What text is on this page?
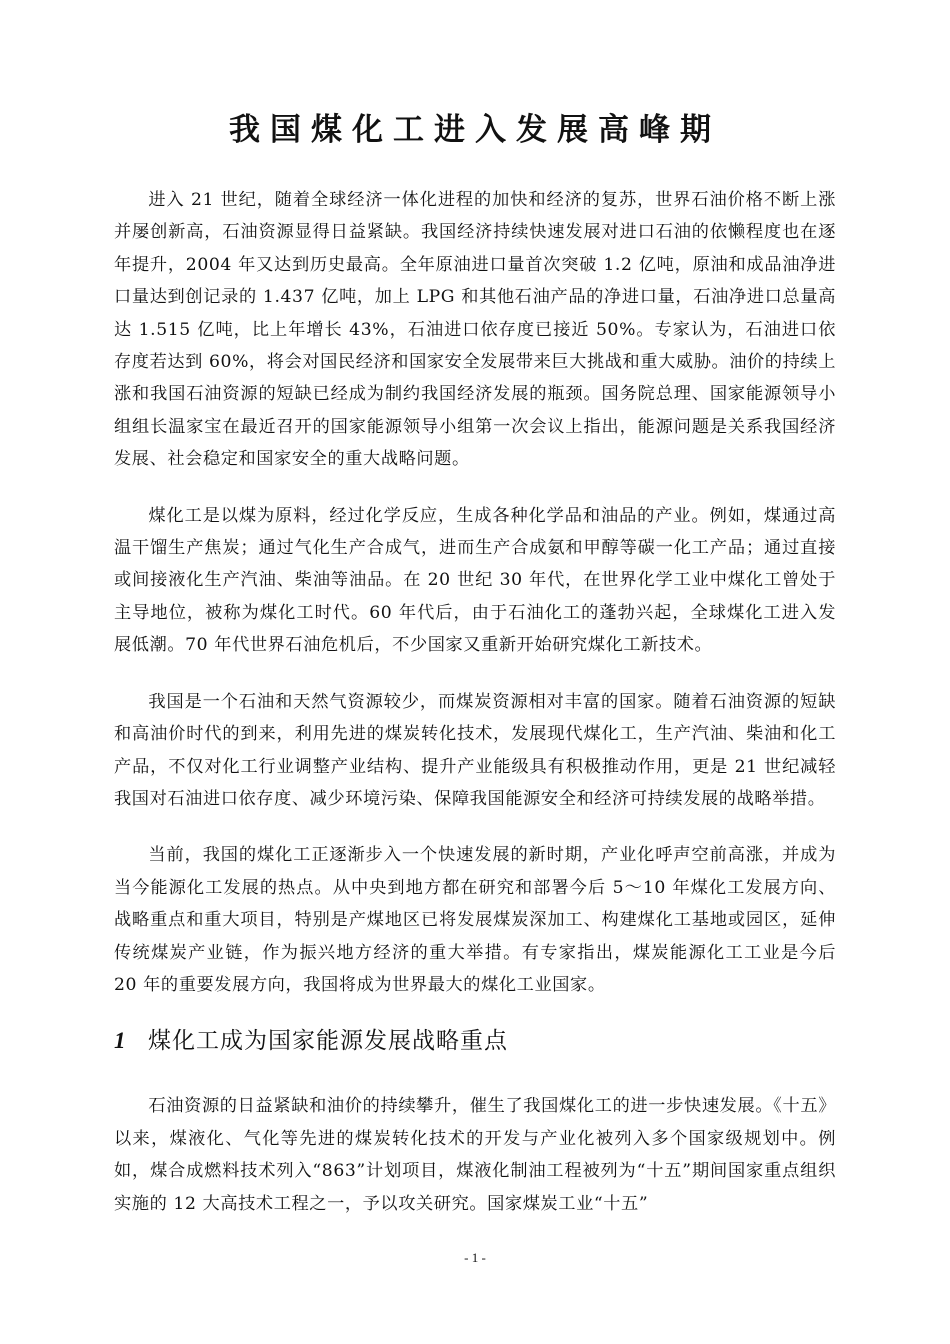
我国煤化工进入发展高峰期

进入 21 世纪，随着全球经济一体化进程的加快和经济的复苏，世界石油价格不断上涨并屡创新高，石油资源显得日益紧缺。我国经济持续快速发展对进口石油的依懒程度也在逐年提升，2004 年又达到历史最高。全年原油进口量首次突破 1.2 亿吨，原油和成品油净进口量达到创记录的 1.437 亿吨，加上 LPG 和其他石油产品的净进口量，石油净进口总量高达 1.515 亿吨，比上年增长 43%，石油进口依存度已接近 50%。专家认为，石油进口依存度若达到 60%，将会对国民经济和国家安全发展带来巨大挑战和重大威胁。油价的持续上涨和我国石油资源的短缺已经成为制约我国经济发展的瓶颈。国务院总理、国家能源领导小组组长温家宝在最近召开的国家能源领导小组第一次会议上指出，能源问题是关系我国经济发展、社会稳定和国家安全的重大战略问题。

煤化工是以煤为原料，经过化学反应，生成各种化学品和油品的产业。例如，煤通过高温干馏生产焦炭；通过气化生产合成气，进而生产合成氨和甲醇等碳一化工产品；通过直接或间接液化生产汽油、柴油等油品。在 20 世纪 30 年代，在世界化学工业中煤化工曾处于主导地位，被称为煤化工时代。60 年代后，由于石油化工的蓬勃兴起，全球煤化工进入发展低潮。70 年代世界石油危机后，不少国家又重新开始研究煤化工新技术。

我国是一个石油和天然气资源较少，而煤炭资源相对丰富的国家。随着石油资源的短缺和高油价时代的到来，利用先进的煤炭转化技术，发展现代煤化工，生产汽油、柴油和化工产品，不仅对化工行业调整产业结构、提升产业能级具有积极推动作用，更是 21 世纪减轻我国对石油进口依存度、减少环境污染、保障我国能源安全和经济可持续发展的战略举措。

当前，我国的煤化工正逐渐步入一个快速发展的新时期，产业化呼声空前高涨，并成为当今能源化工发展的热点。从中央到地方都在研究和部署今后 5～10 年煤化工发展方向、战略重点和重大项目，特别是产煤地区已将发展煤炭深加工、构建煤化工基地或园区，延伸传统煤炭产业链，作为振兴地方经济的重大举措。有专家指出，煤炭能源化工工业是今后 20 年的重要发展方向，我国将成为世界最大的煤化工业国家。

1 煤化工成为国家能源发展战略重点

石油资源的日益紧缺和油价的持续攀升，催生了我国煤化工的进一步快速发展。《十五》以来，煤液化、气化等先进的煤炭转化技术的开发与产业化被列入多个国家级规划中。例如，煤合成燃料技术列入“863”计划项目，煤液化制油工程被列为“十五”期间国家重点组织实施的 12 大高技术工程之一，予以攻关研究。国家煤炭工业“十五”

- 1 -
